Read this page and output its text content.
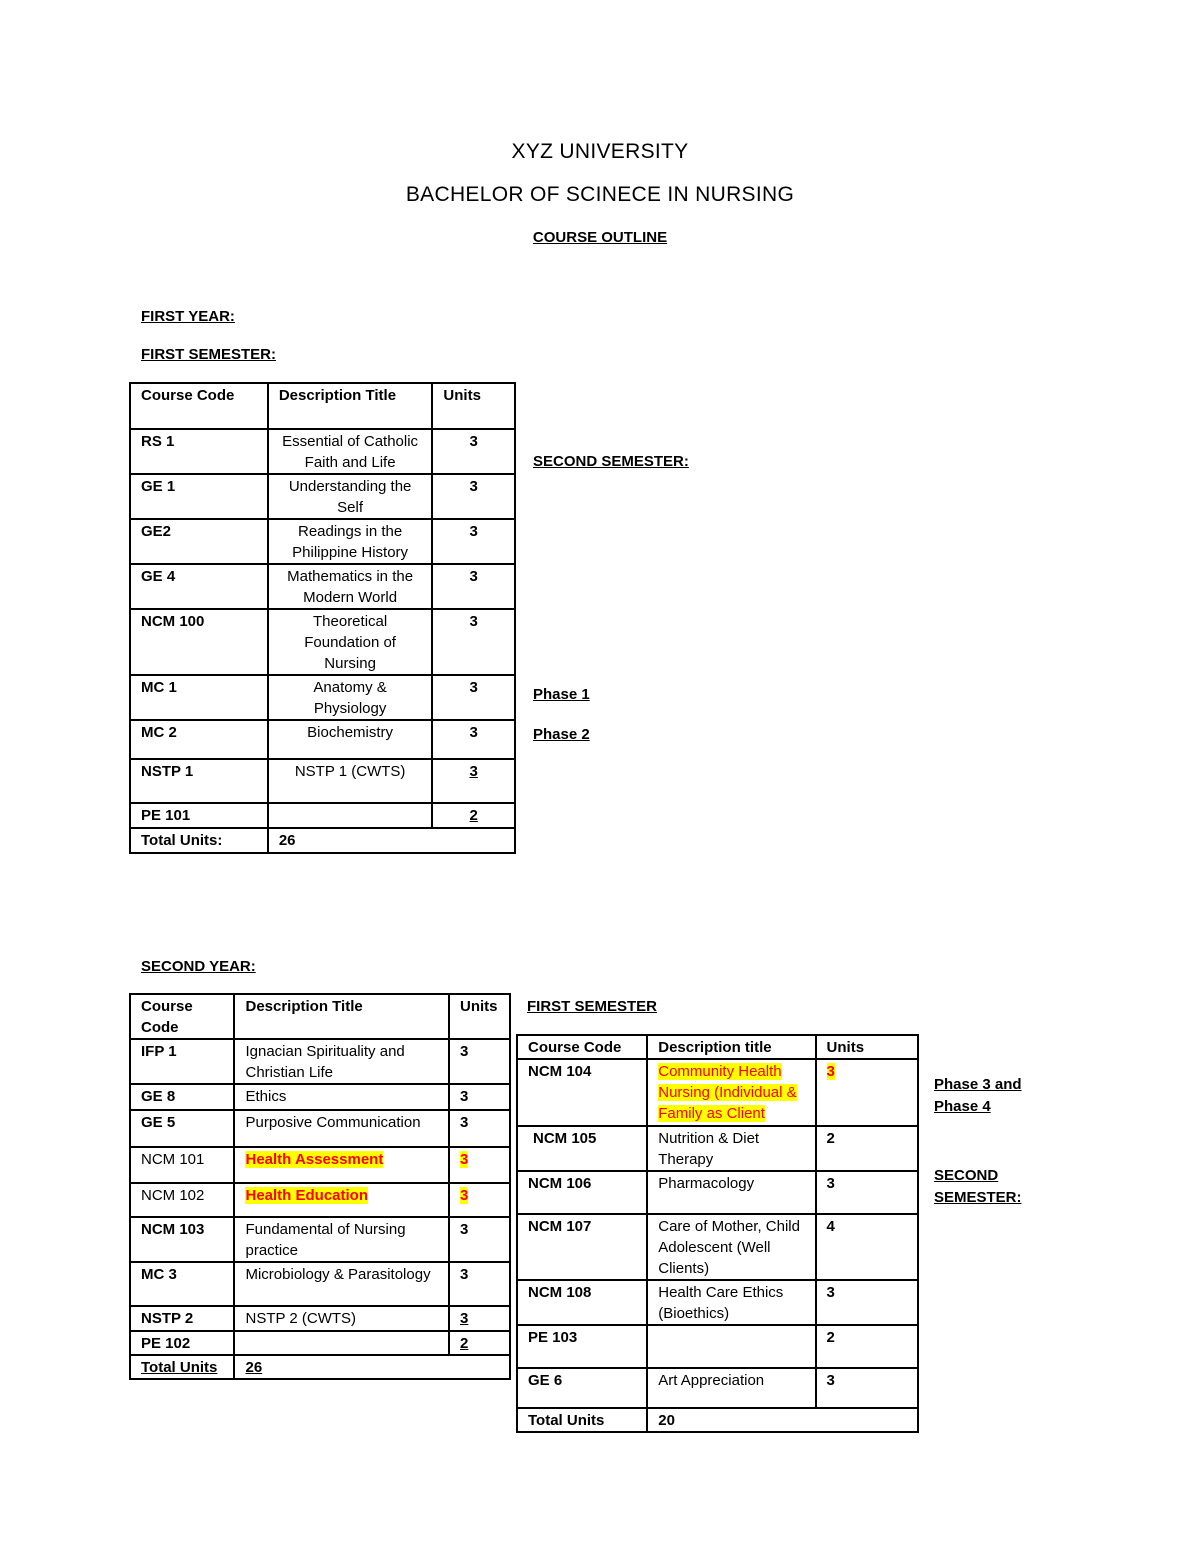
XYZ UNIVERSITY
BACHELOR OF SCINECE IN NURSING
COURSE OUTLINE
FIRST YEAR:
FIRST SEMESTER:
SECOND SEMESTER:
Phase 1
Phase 2
Course Code	Description Title	Units
RS 1	Essential of Catholic Faith and Life	3
GE 1	Understanding the Self	3
GE2	Readings in the Philippine History	3
GE 4	Mathematics in the Modern World	3
NCM 100	Theoretical Foundation of Nursing	3
MC 1	Anatomy & Physiology	3
MC 2	Biochemistry	3
NSTP 1	NSTP 1 (CWTS)	3
PE 101		2
Total Units:	26	
SECOND YEAR:
FIRST SEMESTER
Phase 3 and Phase 4
SECOND SEMESTER:
Course Code	Description Title	Units
IFP 1	Ignacian Spirituality and Christian Life	3
GE 8	Ethics	3
GE 5	Purposive Communication	3
NCM 101	Health Assessment	3
NCM 102	Health Education	3
NCM 103	Fundamental of Nursing practice	3
MC 3	Microbiology & Parasitology	3
NSTP 2	NSTP 2 (CWTS)	3
PE 102		2
Total Units	26	
Course Code	Description title	Units
NCM 104	Community Health Nursing (Individual & Family as Client	3
NCM 105	Nutrition & Diet Therapy	2
NCM 106	Pharmacology	3
NCM 107	Care of Mother, Child Adolescent (Well Clients)	4
NCM 108	Health Care Ethics (Bioethics)	3
PE 103		2
GE 6	Art Appreciation	3
Total Units	20	
